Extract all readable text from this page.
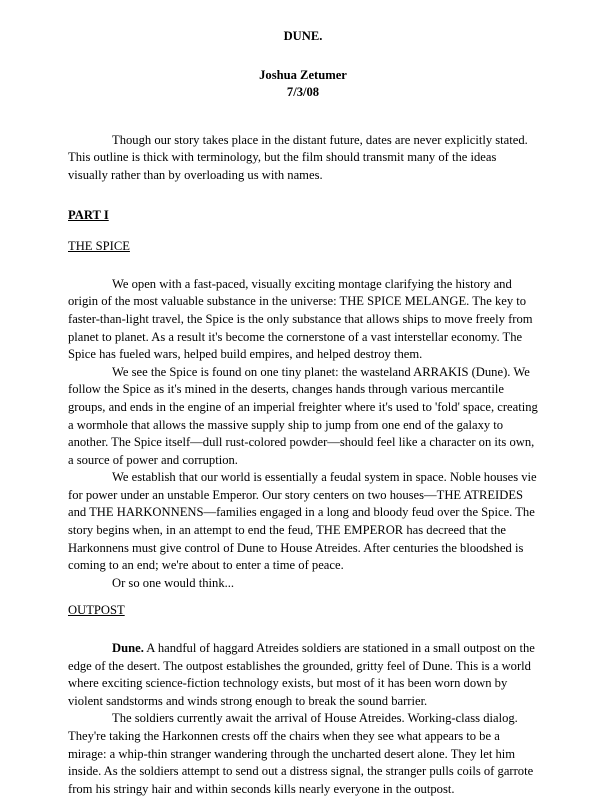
DUNE.
Joshua Zetumer
7/3/08

Though our story takes place in the distant future, dates are never explicitly stated. This outline is thick with terminology, but the film should transmit many of the ideas visually rather than by overloading us with names.

PART I
THE SPICE

We open with a fast-paced, visually exciting montage clarifying the history and origin of the most valuable substance in the universe: THE SPICE MELANGE. The key to faster-than-light travel, the Spice is the only substance that allows ships to move freely from planet to planet. As a result it's become the cornerstone of a vast interstellar economy. The Spice has fueled wars, helped build empires, and helped destroy them.

We see the Spice is found on one tiny planet: the wasteland ARRAKIS (Dune). We follow the Spice as it's mined in the deserts, changes hands through various mercantile groups, and ends in the engine of an imperial freighter where it's used to 'fold' space, creating a wormhole that allows the massive supply ship to jump from one end of the galaxy to another. The Spice itself—dull rust-colored powder—should feel like a character on its own, a source of power and corruption.

We establish that our world is essentially a feudal system in space. Noble houses vie for power under an unstable Emperor. Our story centers on two houses—THE ATREIDES and THE HARKONNENS—families engaged in a long and bloody feud over the Spice. The story begins when, in an attempt to end the feud, THE EMPEROR has decreed that the Harkonnens must give control of Dune to House Atreides. After centuries the bloodshed is coming to an end; we're about to enter a time of peace.

Or so one would think...

OUTPOST

Dune. A handful of haggard Atreides soldiers are stationed in a small outpost on the edge of the desert. The outpost establishes the grounded, gritty feel of Dune. This is a world where exciting science-fiction technology exists, but most of it has been worn down by violent sandstorms and winds strong enough to break the sound barrier.

The soldiers currently await the arrival of House Atreides. Working-class dialog. They're taking the Harkonnen crests off the chairs when they see what appears to be a mirage: a whip-thin stranger wandering through the uncharted desert alone. They let him inside. As the soldiers attempt to send out a distress signal, the stranger pulls coils of garrote from his stringy hair and within seconds kills nearly everyone in the outpost.
